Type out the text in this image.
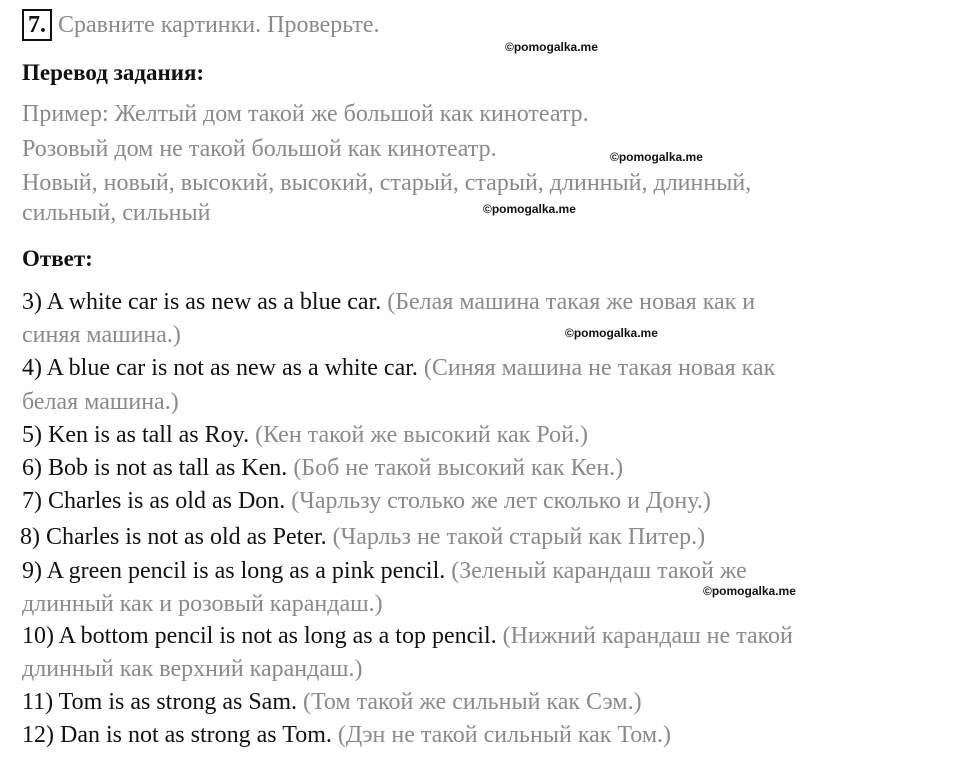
7. Сравните картинки. Проверьте.
©pomogalka.me
Перевод задания:
Пример: Желтый дом такой же большой как кинотеатр.
Розовый дом не такой большой как кинотеатр.	©pomogalka.me
Новый, новый, высокий, высокий, старый, старый, длинный, длинный,
сильный, сильный	©pomogalka.me
Ответ:
3) A white car is as new as a blue car. (Белая машина такая же новая как и
синяя машина.)	©pomogalka.me
4) A blue car is not as new as a white car. (Синяя машина не такая новая как
белая машина.)
5) Ken is as tall as Roy. (Кен такой же высокий как Рой.)
6) Bob is not as tall as Ken. (Боб не такой высокий как Кен.)
7) Charles is as old as Don. (Чарльзу столько же лет сколько и Дону.)
8) Charles is not as old as Peter. (Чарльз не такой старый как Питер.)
9) A green pencil is as long as a pink pencil. (Зеленый карандаш такой же
длинный как и розовый карандаш.)	©pomogalka.me
10) A bottom pencil is not as long as a top pencil. (Нижний карандаш не такой
длинный как верхний карандаш.)
11) Tom is as strong as Sam. (Том такой же сильный как Сэм.)
12) Dan is not as strong as Tom. (Дэн не такой сильный как Том.)
